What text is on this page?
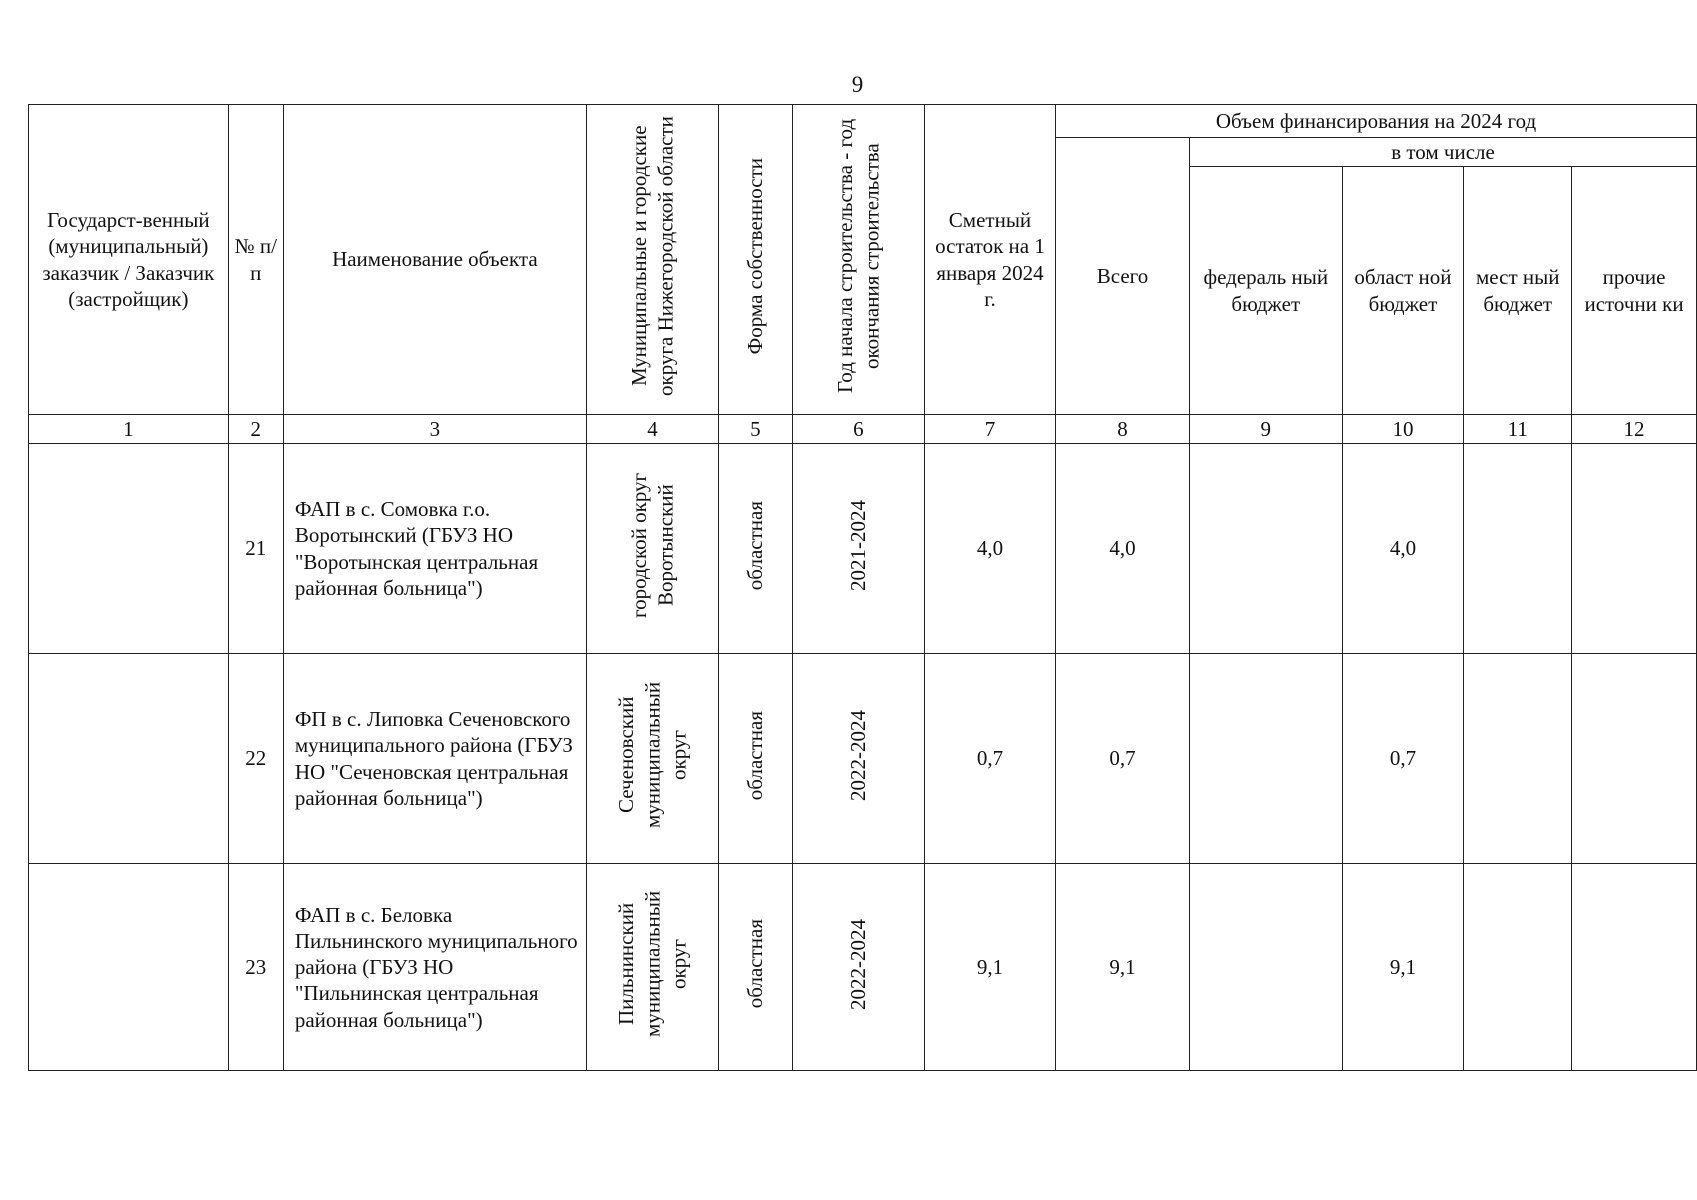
9
Государст-венный (муниципальный) заказчик / Заказчик (застройщик)	№ п/п	Наименование объекта	Муниципальные и городские округа Нижегородской области	Форма собственности	Год начала строительства - год окончания строительства	Сметный остаток на 1 января 2024 г.	Объем финансирования на 2024 год				
							Всего	в том числе			
								федераль ный бюджет	област ной бюджет	мест ный бюджет	прочие источни ки
1	2	3	4	5	6	7	8	9	10	11	12
	21	ФАП в с. Сомовка г.о. Воротынский (ГБУЗ НО "Воротынская центральная районная больница")	городской округ Воротынский	областная	2021-2024	4,0	4,0		4,0		
	22	ФП в с. Липовка Сеченовского муниципального района (ГБУЗ НО "Сеченовская центральная районная больница")	Сеченовский муниципальный округ	областная	2022-2024	0,7	0,7		0,7		
	23	ФАП в с. Беловка Пильнинского муниципального района (ГБУЗ НО "Пильнинская центральная районная больница")	Пильнинский муниципальный округ	областная	2022-2024	9,1	9,1		9,1		
